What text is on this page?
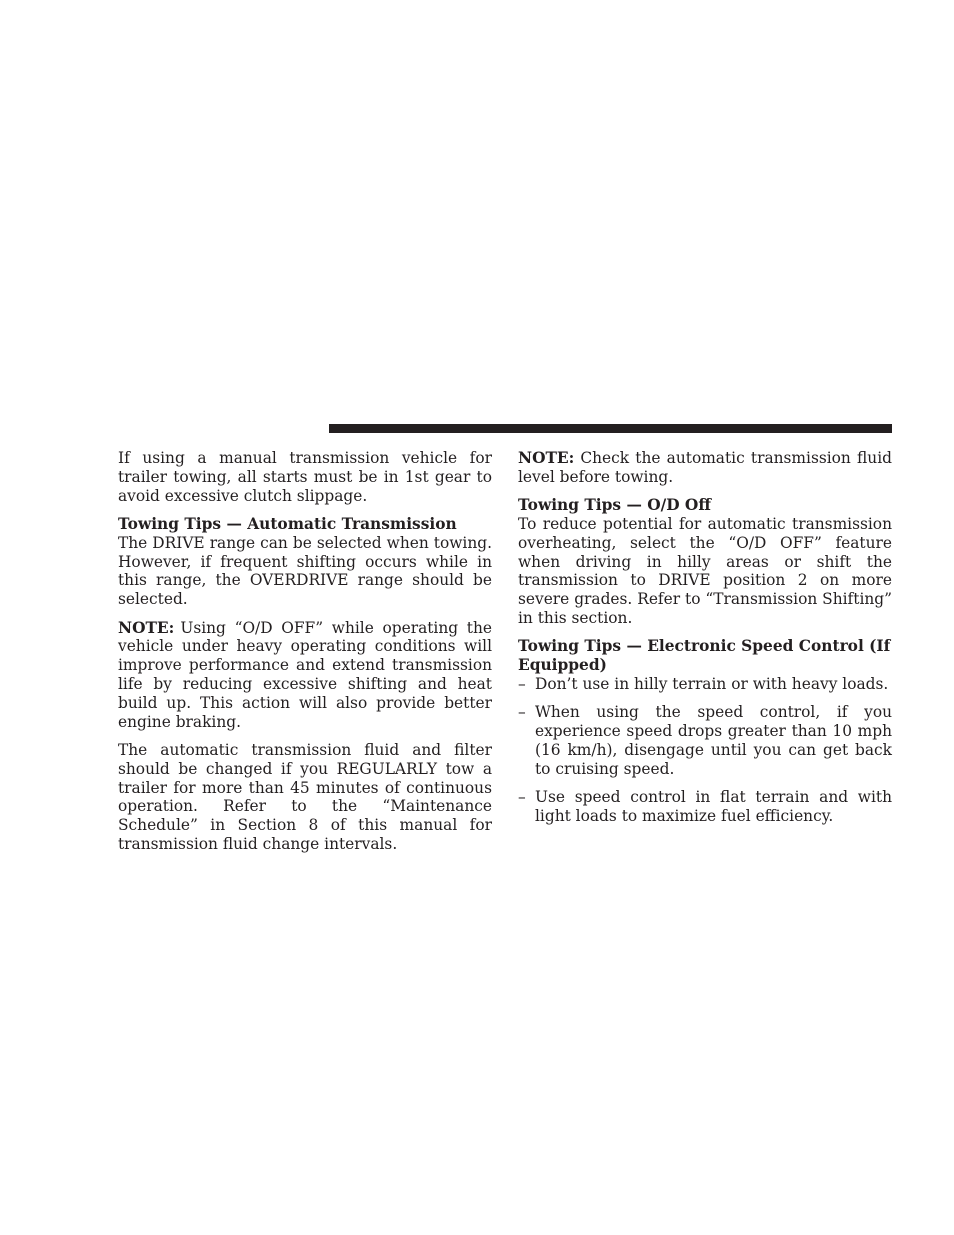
If using a manual transmission vehicle for trailer towing, all starts must be in 1st gear to avoid excessive clutch slippage.

Towing Tips — Automatic Transmission

The DRIVE range can be selected when towing. However, if frequent shifting occurs while in this range, the OVERDRIVE range should be selected.

NOTE: Using “O/D OFF” while operating the vehicle under heavy operating conditions will improve performance and extend transmission life by reducing excessive shifting and heat build up. This action will also provide better engine braking.

The automatic transmission fluid and filter should be changed if you REGULARLY tow a trailer for more than 45 minutes of continuous operation. Refer to the “Maintenance Schedule” in Section 8 of this manual for transmission fluid change intervals.

NOTE: Check the automatic transmission fluid level before towing.

Towing Tips — O/D Off

To reduce potential for automatic transmission overheating, select the “O/D OFF” feature when driving in hilly areas or shift the transmission to DRIVE position 2 on more severe grades. Refer to “Transmission Shifting” in this section.

Towing Tips — Electronic Speed Control (If Equipped)

– Don’t use in hilly terrain or with heavy loads.
– When using the speed control, if you experience speed drops greater than 10 mph (16 km/h), disengage until you can get back to cruising speed.
– Use speed control in flat terrain and with light loads to maximize fuel efficiency.
